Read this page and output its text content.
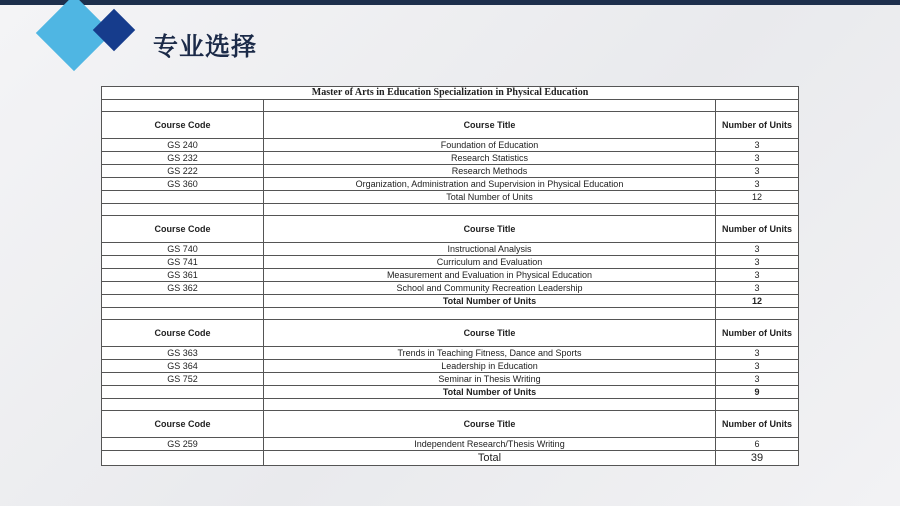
专业选择
Master of Arts in Education Specialization in Physical Education		

Course Code	Course Title	Number of Units
GS 240	Foundation of Education	3
GS 232	Research Statistics	3
GS 222	Research Methods	3
GS 360	Organization, Administration and Supervision in Physical Education	3
	Total Number of Units	12

Course Code	Course Title	Number of Units
GS 740	Instructional Analysis	3
GS 741	Curriculum and Evaluation	3
GS 361	Measurement and Evaluation in Physical Education	3
GS 362	School and Community Recreation Leadership	3
	Total Number of Units	12

Course Code	Course Title	Number of Units
GS 363	Trends in Teaching Fitness, Dance and Sports	3
GS 364	Leadership in Education	3
GS 752	Seminar in Thesis Writing	3
	Total Number of Units	9

Course Code	Course Title	Number of Units
GS 259	Independent Research/Thesis Writing	6
	Total	39
